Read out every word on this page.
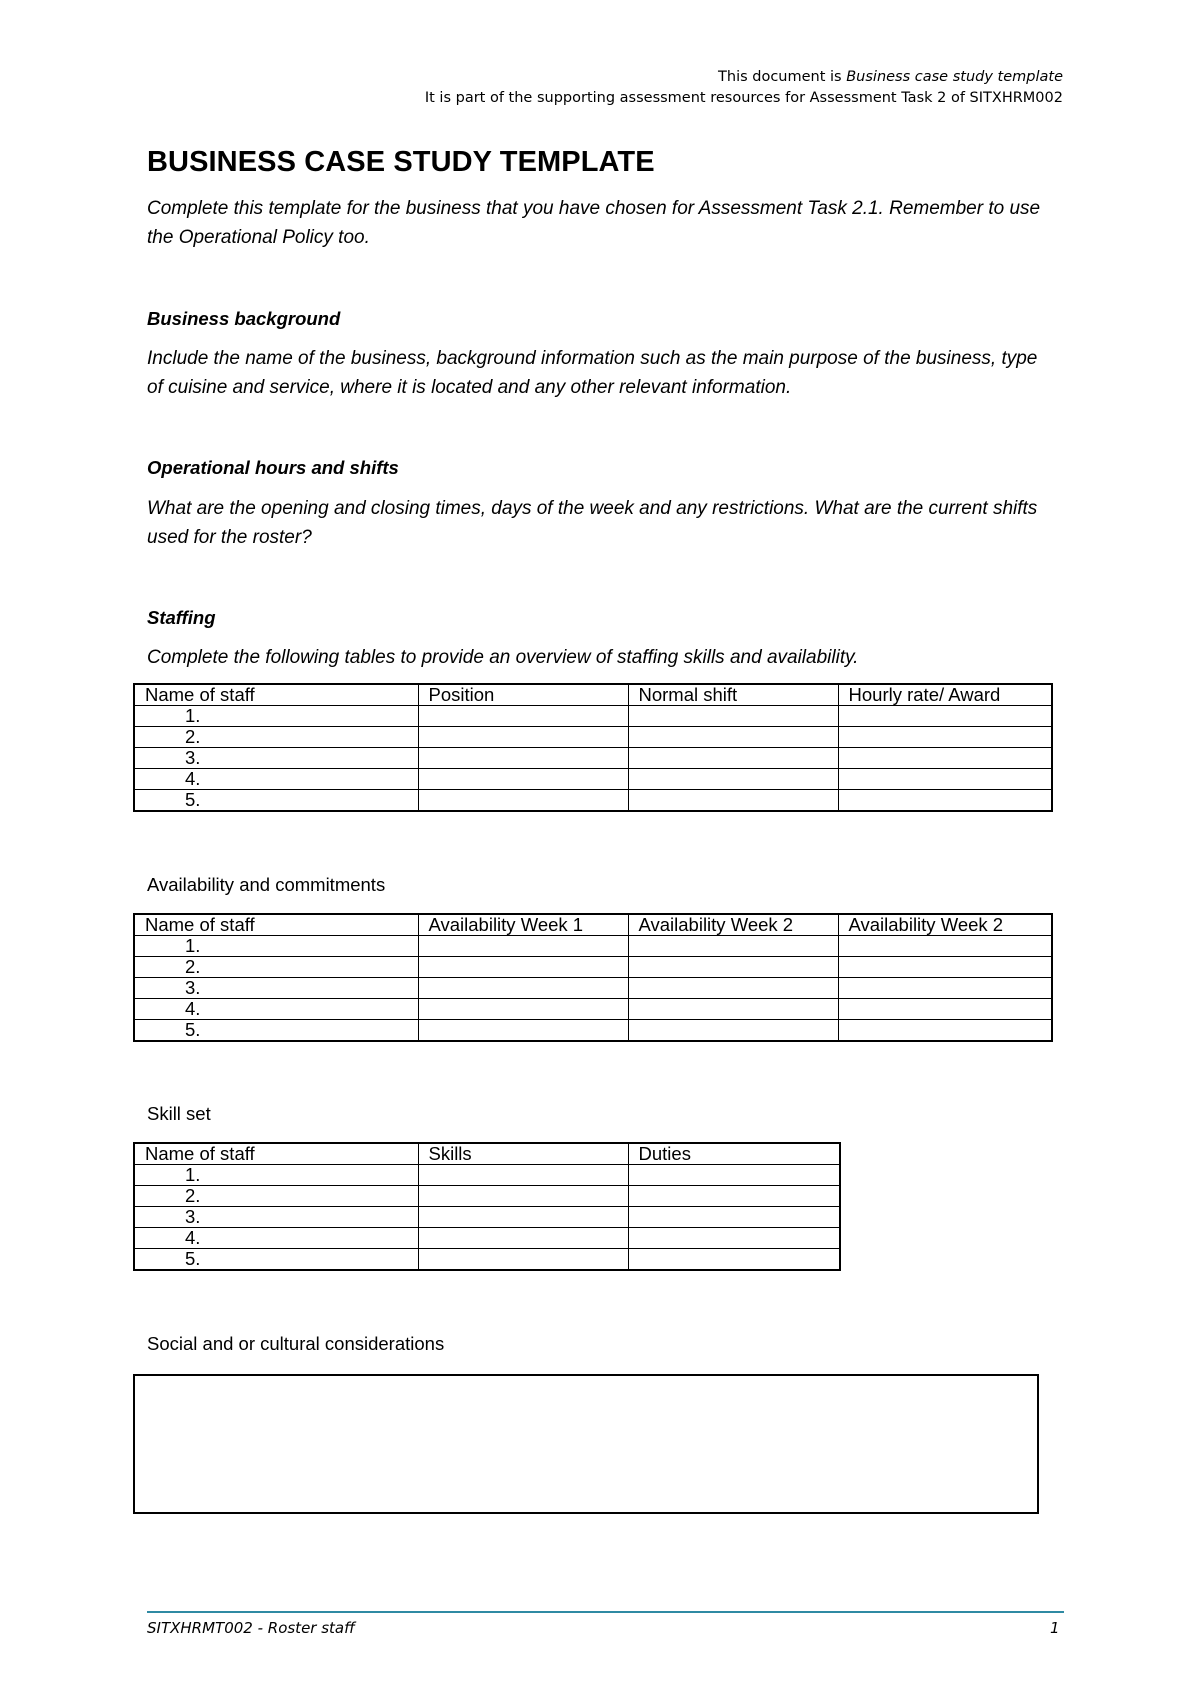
This document is Business case study template
It is part of the supporting assessment resources for Assessment Task 2 of SITXHRM002
BUSINESS CASE STUDY TEMPLATE
Complete this template for the business that you have chosen for Assessment Task 2.1. Remember to use the Operational Policy too.
Business background
Include the name of the business, background information such as the main purpose of the business, type of cuisine and service, where it is located and any other relevant information.
Operational hours and shifts
What are the opening and closing times, days of the week and any restrictions. What are the current shifts used for the roster?
Staffing
Complete the following tables to provide an overview of staffing skills and availability.
Name of staff	Position	Normal shift	Hourly rate/ Award
1.			
2.			
3.			
4.			
5.			
Availability and commitments
Name of staff	Availability Week 1	Availability Week 2	Availability Week 2
1.			
2.			
3.			
4.			
5.			
Skill set
Name of staff	Skills	Duties
1.		
2.		
3.		
4.		
5.		
Social and or cultural considerations
SITXHRMT002 - Roster staff	1
